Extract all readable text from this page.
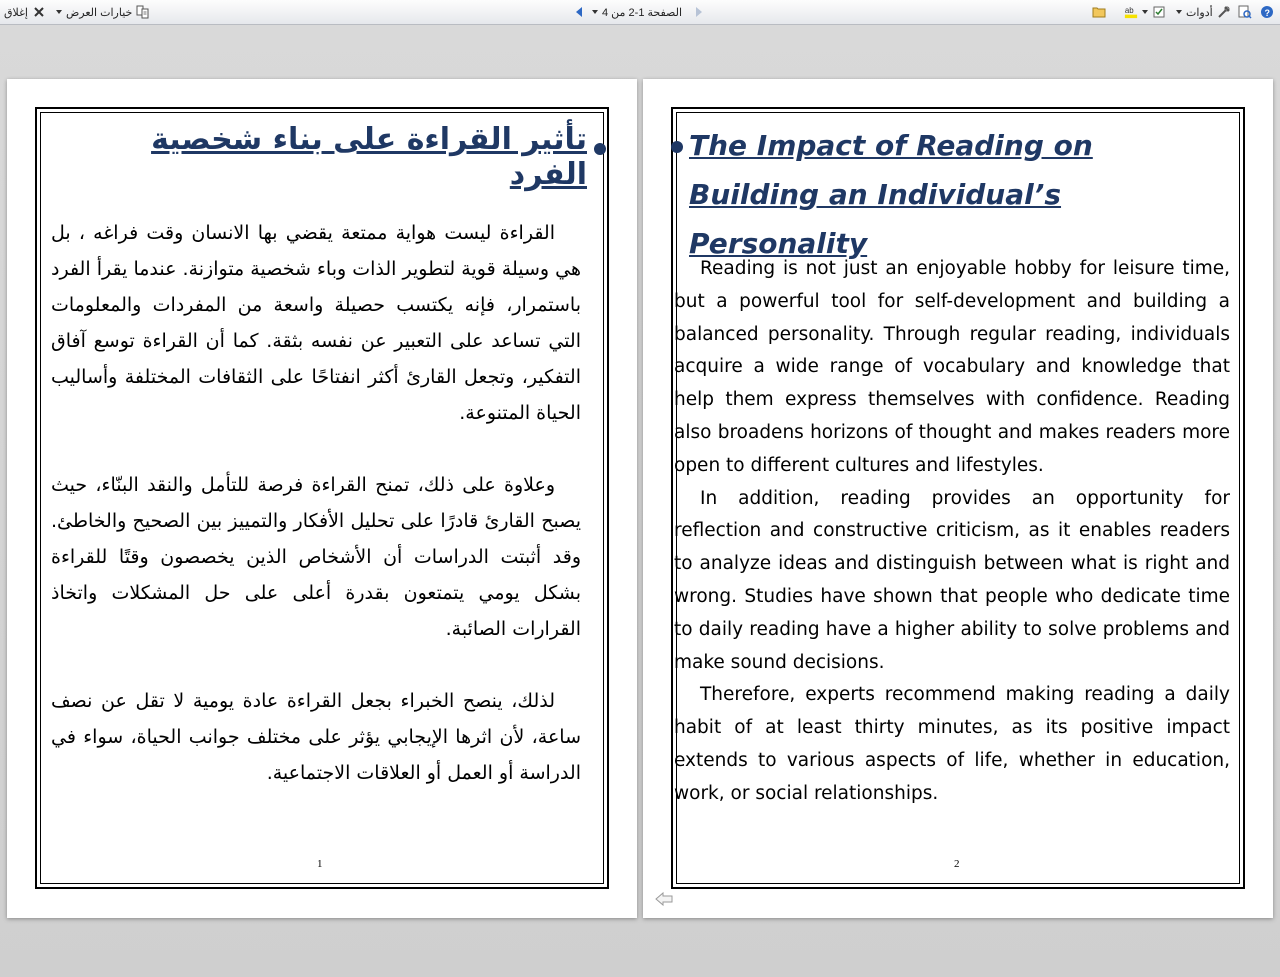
إغلاق	خيارات العرض	الصفحة 1-2 من 4	ab	أدوات	?
تأثير القراءة على بناء شخصية الفرد

القراءة ليست هواية ممتعة يقضي بها الانسان وقت فراغه ، بل هي وسيلة قوية لتطوير الذات وباء شخصية متوازنة. عندما يقرأ الفرد باستمرار، فإنه يكتسب حصيلة واسعة من المفردات والمعلومات التي تساعد على التعبير عن نفسه بثقة. كما أن القراءة توسع آفاق التفكير، وتجعل القارئ أكثر انفتاحًا على الثقافات المختلفة وأساليب الحياة المتنوعة.

وعلاوة على ذلك، تمنح القراءة فرصة للتأمل والنقد البنّاء، حيث يصبح القارئ قادرًا على تحليل الأفكار والتمييز بين الصحيح والخاطئ. وقد أثبتت الدراسات أن الأشخاص الذين يخصصون وقتًا للقراءة بشكل يومي يتمتعون بقدرة أعلى على حل المشكلات واتخاذ القرارات الصائبة.

لذلك، ينصح الخبراء بجعل القراءة عادة يومية لا تقل عن نصف ساعة، لأن اثرها الإيجابي يؤثر على مختلف جوانب الحياة، سواء في الدراسة أو العمل أو العلاقات الاجتماعية.

1
The Impact of Reading on Building an Individual’s Personality

Reading is not just an enjoyable hobby for leisure time, but a powerful tool for self-development and building a balanced personality. Through regular reading, individuals acquire a wide range of vocabulary and knowledge that help them express themselves with confidence. Reading also broadens horizons of thought and makes readers more open to different cultures and lifestyles.

In addition, reading provides an opportunity for reflection and constructive criticism, as it enables readers to analyze ideas and distinguish between what is right and wrong. Studies have shown that people who dedicate time to daily reading have a higher ability to solve problems and make sound decisions.

Therefore, experts recommend making reading a daily habit of at least thirty minutes, as its positive impact extends to various aspects of life, whether in education, work, or social relationships.

2
